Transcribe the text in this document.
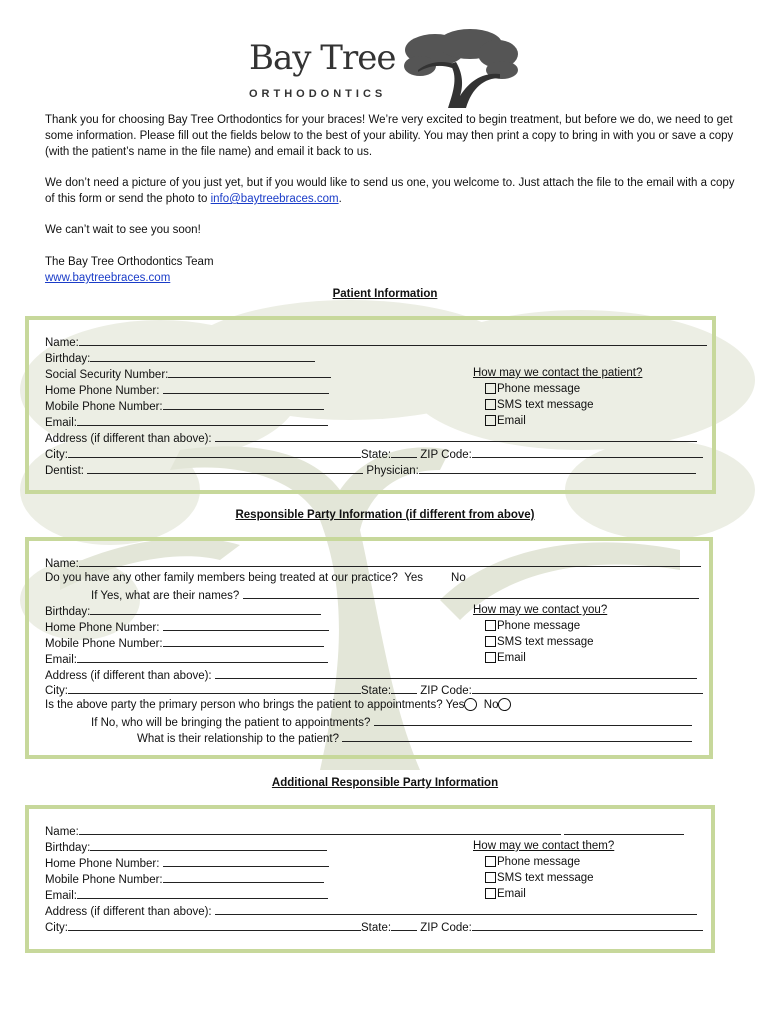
Bay Tree
ORTHODONTICS
Thank you for choosing Bay Tree Orthodontics for your braces! We’re very excited to begin treatment, but before we do, we need to get some information. Please fill out the fields below to the best of your ability. You may then print a copy to bring in with you or save a copy (with the patient’s name in the file name) and email it back to us.
We don’t need a picture of you just yet, but if you would like to send us one, you welcome to. Just attach the file to the email with a copy of this form or send the photo to info@baytreebraces.com.
We can’t wait to see you soon!
The Bay Tree Orthodontics Team
www.baytreebraces.com
Patient Information
Name:
Birthday:
Social Security Number:
Home Phone Number:
Mobile Phone Number:
Email:
Address (if different than above):
City:	State:	ZIP Code:
Dentist:	Physician:
How may we contact the patient?
Phone message
SMS text message
Email
Responsible Party Information (if different from above)
Name:
Do you have any other family members being treated at our practice? Yes No
If Yes, what are their names?
Birthday:
Home Phone Number:
Mobile Phone Number:
Email:
Address (if different than above):
City:	State:	ZIP Code:
Is the above party the primary person who brings the patient to appointments? Yes No
If No, who will be bringing the patient to appointments?
What is their relationship to the patient?
How may we contact you?
Phone message
SMS text message
Email
Additional Responsible Party Information
Name:
Birthday:
Home Phone Number:
Mobile Phone Number:
Email:
Address (if different than above):
City:	State:	ZIP Code:
How may we contact them?
Phone message
SMS text message
Email
